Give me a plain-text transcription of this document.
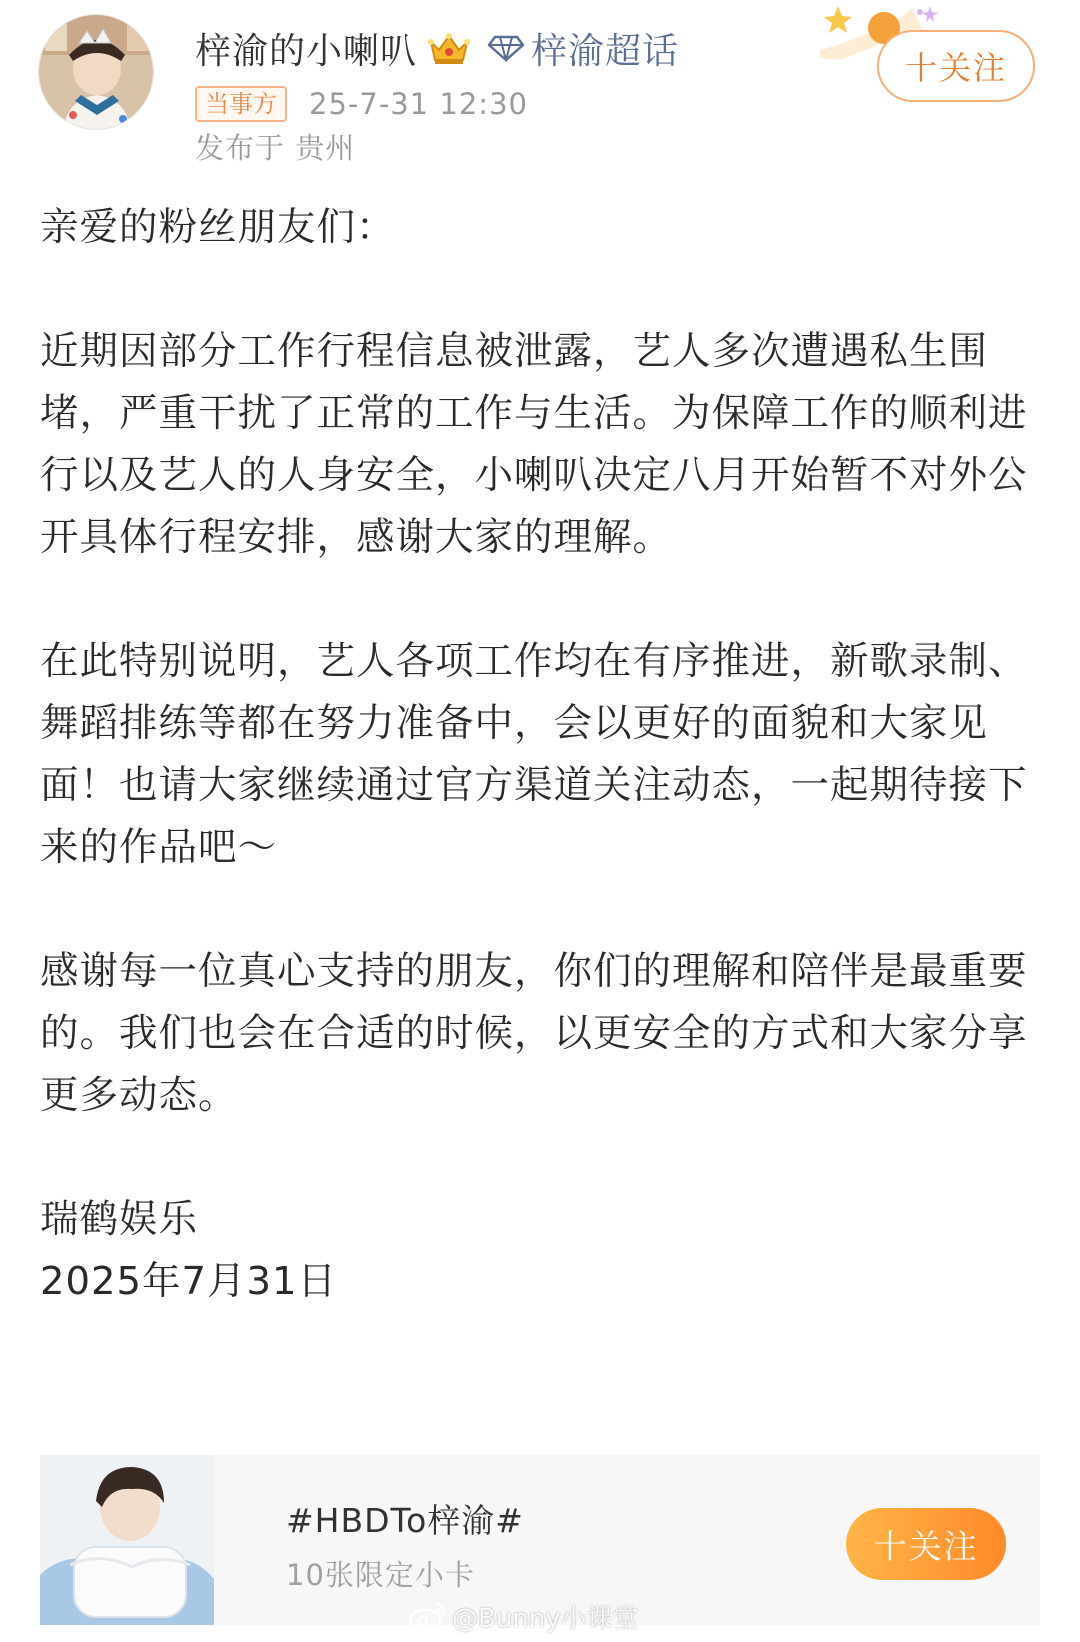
梓渝的小喇叭	梓渝超话
当事方	25-7-31 12:30
发布于 贵州
十关注

亲爱的粉丝朋友们：

近期因部分工作行程信息被泄露，艺人多次遭遇私生围堵，严重干扰了正常的工作与生活。为保障工作的顺利进行以及艺人的人身安全，小喇叭决定八月开始暂不对外公开具体行程安排，感谢大家的理解。

在此特别说明，艺人各项工作均在有序推进，新歌录制、舞蹈排练等都在努力准备中，会以更好的面貌和大家见面！也请大家继续通过官方渠道关注动态，一起期待接下来的作品吧～

感谢每一位真心支持的朋友，你们的理解和陪伴是最重要的。我们也会在合适的时候，以更安全的方式和大家分享更多动态。

瑞鹤娱乐

2025年7月31日

#HBDTo梓渝#
10张限定小卡
十关注
@Bunny小课堂
